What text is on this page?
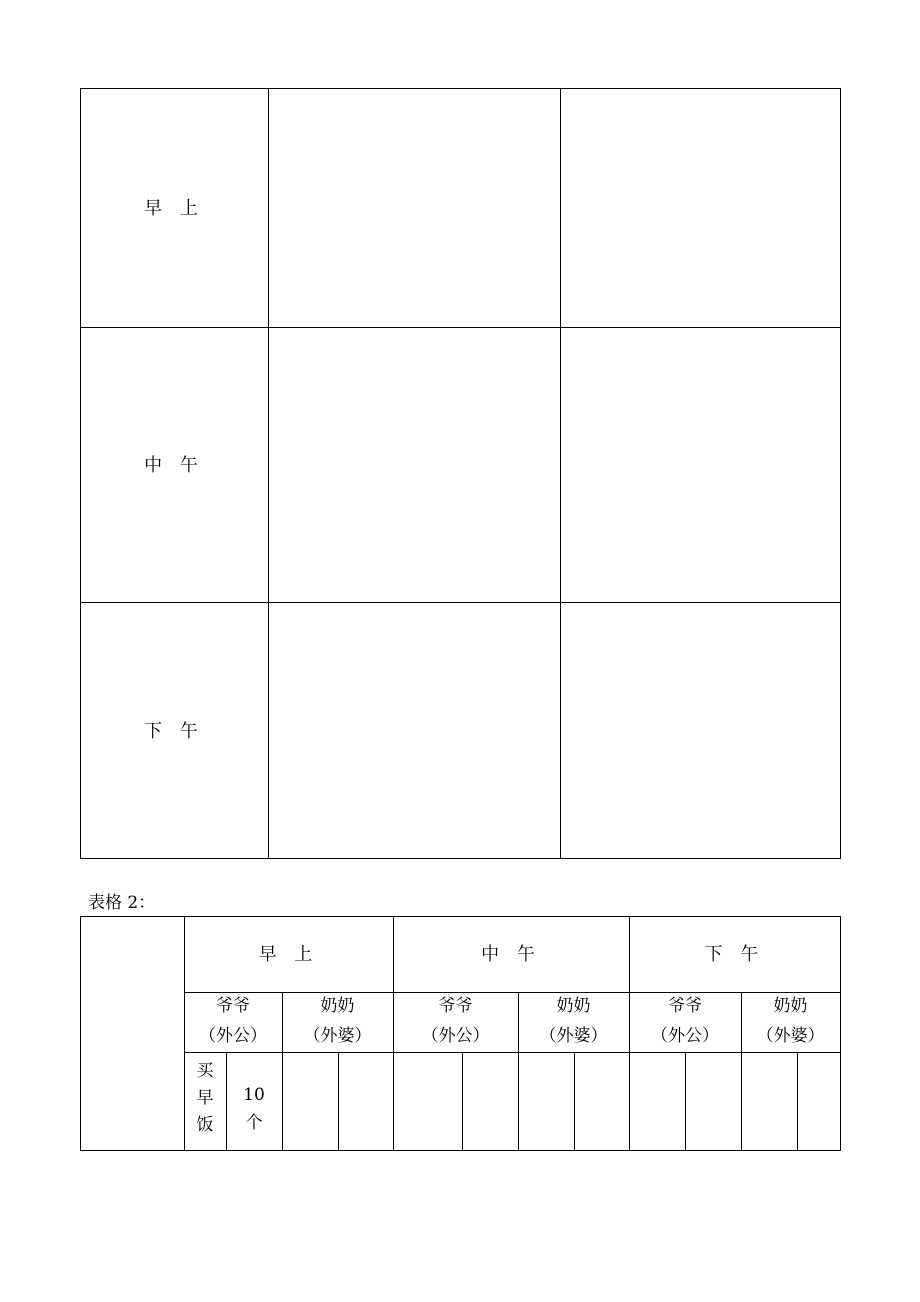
早 上
中 午
下 午
表格 2：
早 上	中 午	下 午
爷爷
（外公）
奶奶
（外婆）
爷爷
（外公）
奶奶
（外婆）
爷爷
（外公）
奶奶
（外婆）
买
早
饭
10
个
